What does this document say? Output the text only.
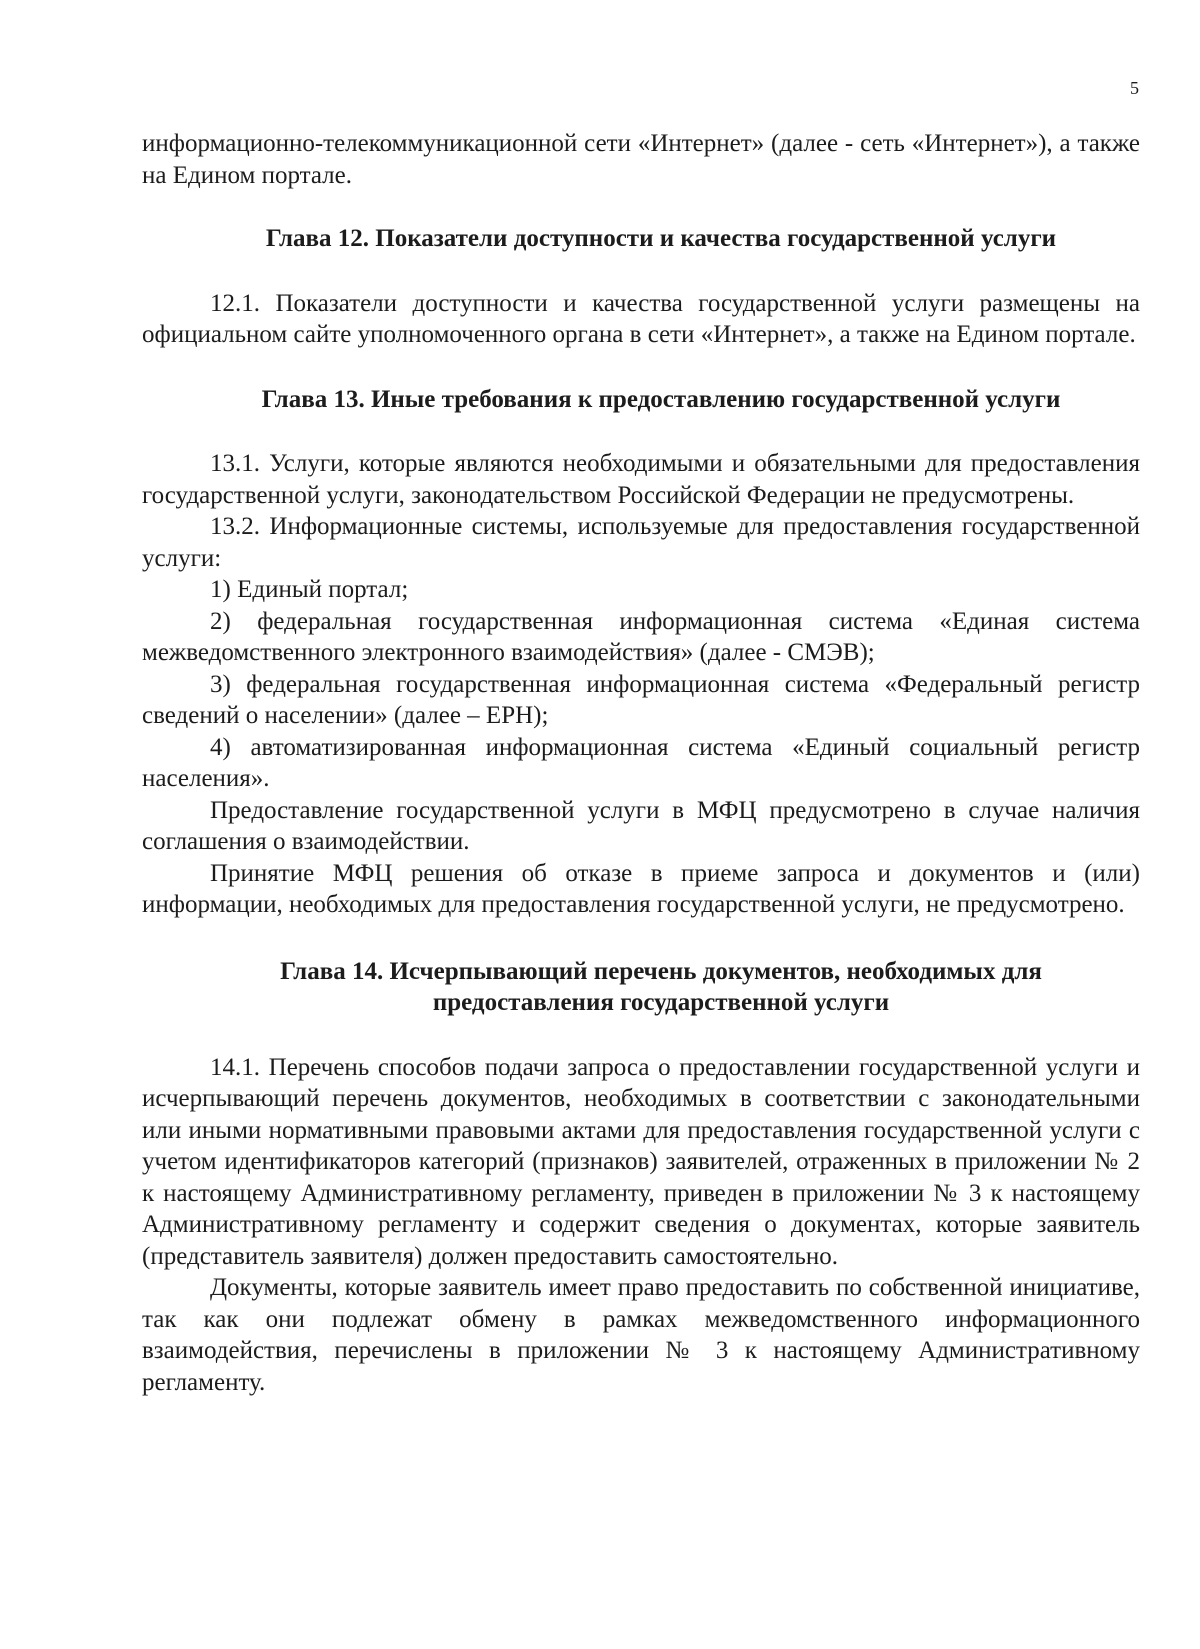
5

информационно-телекоммуникационной сети «Интернет» (далее - сеть «Интернет»), а также на Едином портале.

Глава 12. Показатели доступности и качества государственной услуги

12.1. Показатели доступности и качества государственной услуги размещены на официальном сайте уполномоченного органа в сети «Интернет», а также на Едином портале.

Глава 13. Иные требования к предоставлению государственной услуги

13.1. Услуги, которые являются необходимыми и обязательными для предоставления государственной услуги, законодательством Российской Федерации не предусмотрены.

13.2. Информационные системы, используемые для предоставления государственной услуги:

1) Единый портал;

2) федеральная государственная информационная система «Единая система межведомственного электронного взаимодействия» (далее - СМЭВ);

3) федеральная государственная информационная система «Федеральный регистр сведений о населении» (далее – ЕРН);

4) автоматизированная информационная система «Единый социальный регистр населения».

Предоставление государственной услуги в МФЦ предусмотрено в случае наличия соглашения о взаимодействии.

Принятие МФЦ решения об отказе в приеме запроса и документов и (или) информации, необходимых для предоставления государственной услуги, не предусмотрено.

Глава 14. Исчерпывающий перечень документов, необходимых для
предоставления государственной услуги

14.1. Перечень способов подачи запроса о предоставлении государственной услуги и исчерпывающий перечень документов, необходимых в соответствии с законодательными или иными нормативными правовыми актами для предоставления государственной услуги с учетом идентификаторов категорий (признаков) заявителей, отраженных в приложении № 2 к настоящему Административному регламенту, приведен в приложении № 3 к настоящему Административному регламенту и содержит сведения о документах, которые заявитель (представитель заявителя) должен предоставить самостоятельно.

Документы, которые заявитель имеет право предоставить по собственной инициативе, так как они подлежат обмену в рамках межведомственного информационного взаимодействия, перечислены в приложении № 3 к настоящему Административному регламенту.
